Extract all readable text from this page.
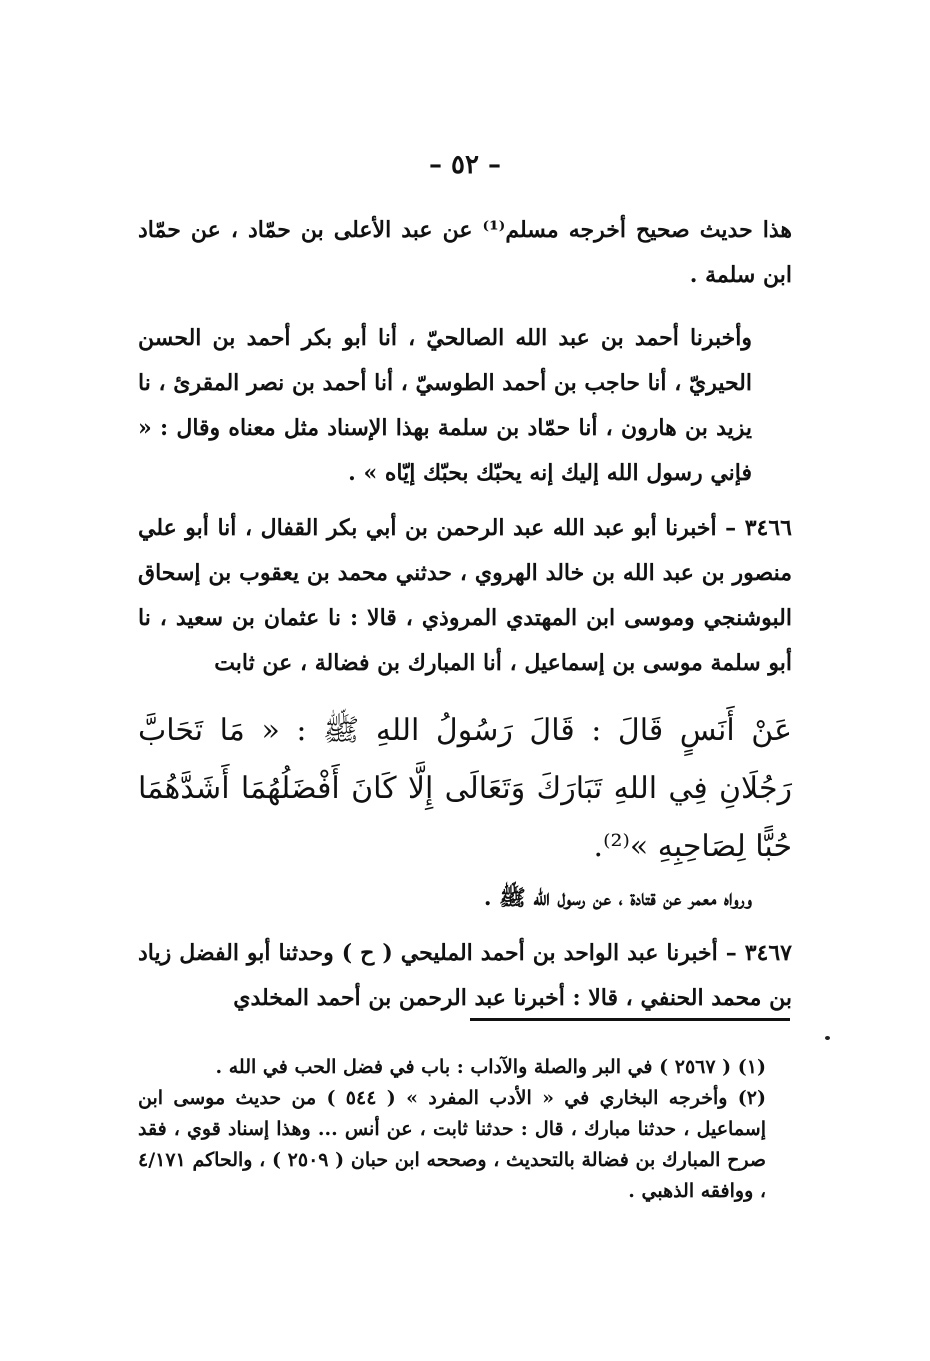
– ٥٢ –

هذا حديث صحيح أخرجه مسلم⁽¹⁾ عن عبد الأعلى بن حمّاد ، عن حمّاد ابن سلمة .

وأخبرنا أحمد بن عبد الله الصالحيّ ، أنا أبو بكر أحمد بن الحسن الحيريّ ، أنا حاجب بن أحمد الطوسيّ ، أنا أحمد بن نصر المقرئ ، نا يزيد بن هارون ، أنا حمّاد بن سلمة بهذا الإسناد مثل معناه وقال : « فإني رسول الله إليك إنه يحبّك بحبّك إيّاه » .

٣٤٦٦ – أخبرنا أبو عبد الله عبد الرحمن بن أبي بكر القفال ، أنا أبو علي منصور بن عبد الله بن خالد الهروي ، حدثني محمد بن يعقوب بن إسحاق البوشنجي وموسى ابن المهتدي المروذي ، قالا : نا عثمان بن سعيد ، نا أبو سلمة موسى بن إسماعيل ، أنا المبارك بن فضالة ، عن ثابت

عَنْ أَنَسٍ قَالَ : قَالَ رَسُولُ اللهِ ﷺ : « مَا تَحَابَّ رَجُلَانِ فِي اللهِ تَبَارَكَ وَتَعَالَى إِلَّا كَانَ أَفْضَلُهُمَا أَشَدَّهُمَا حُبًّا لِصَاحِبِهِ »⁽²⁾.

ورواه معمر عن قتادة ، عن رسول الله ﷺ .

٣٤٦٧ – أخبرنا عبد الواحد بن أحمد المليحي ( ح ) وحدثنا أبو الفضل زياد بن محمد الحنفي ، قالا : أخبرنا عبد الرحمن بن أحمد المخلدي

(١) ( ٢٥٦٧ ) في البر والصلة والآداب : باب في فضل الحب في الله .

(٢) وأخرجه البخاري في « الأدب المفرد » ( ٥٤٤ ) من حديث موسى ابن إسماعيل ، حدثنا مبارك ، قال : حدثنا ثابت ، عن أنس ... وهذا إسناد قوي ، فقد صرح المبارك بن فضالة بالتحديث ، وصححه ابن حبان ( ٢٥٠٩ ) ، والحاكم ٤/١٧١ ، ووافقه الذهبي .
